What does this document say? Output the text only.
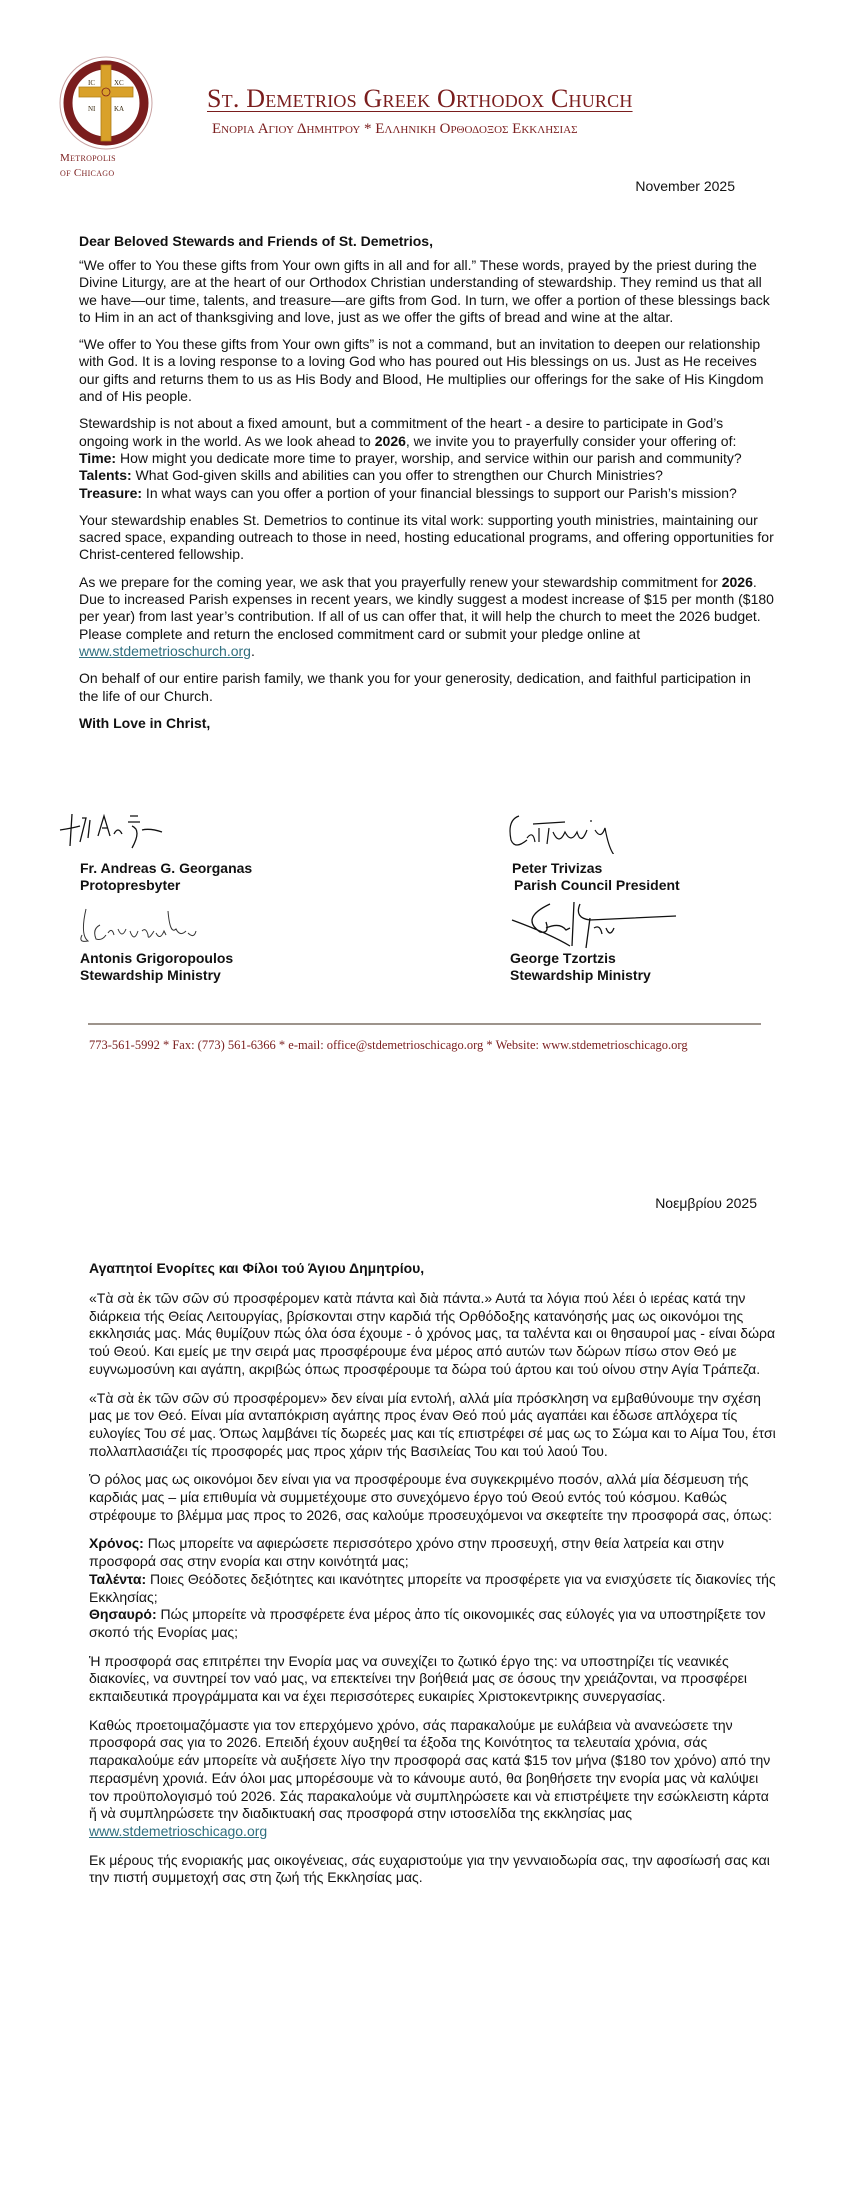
IC	XC
NI	KA
Metropolis
of Chicago
St. Demetrios Greek Orthodox Church
Ενορια Αγιου Δημητρου * Ελληνικη Ορθοδοξος Εκκλησιας
November 2025
Dear Beloved Stewards and Friends of St. Demetrios,

“We offer to You these gifts from Your own gifts in all and for all.” These words, prayed by the priest during the Divine Liturgy, are at the heart of our Orthodox Christian understanding of stewardship. They remind us that all we have—our time, talents, and treasure—are gifts from God. In turn, we offer a portion of these blessings back to Him in an act of thanksgiving and love, just as we offer the gifts of bread and wine at the altar.

“We offer to You these gifts from Your own gifts” is not a command, but an invitation to deepen our relationship with God. It is a loving response to a loving God who has poured out His blessings on us. Just as He receives our gifts and returns them to us as His Body and Blood, He multiplies our offerings for the sake of His Kingdom and of His people.

Stewardship is not about a fixed amount, but a commitment of the heart - a desire to participate in God’s ongoing work in the world. As we look ahead to 2026, we invite you to prayerfully consider your offering of:
Time: How might you dedicate more time to prayer, worship, and service within our parish and community?
Talents: What God-given skills and abilities can you offer to strengthen our Church Ministries?
Treasure: In what ways can you offer a portion of your financial blessings to support our Parish’s mission?

Your stewardship enables St. Demetrios to continue its vital work: supporting youth ministries, maintaining our sacred space, expanding outreach to those in need, hosting educational programs, and offering opportunities for Christ-centered fellowship.

As we prepare for the coming year, we ask that you prayerfully renew your stewardship commitment for 2026. Due to increased Parish expenses in recent years, we kindly suggest a modest increase of $15 per month ($180 per year) from last year’s contribution. If all of us can offer that, it will help the church to meet the 2026 budget. Please complete and return the enclosed commitment card or submit your pledge online at www.stdemetrioschurch.org.

On behalf of our entire parish family, we thank you for your generosity, dedication, and faithful participation in the life of our Church.

With Love in Christ,

Fr. Andreas G. Georganas
Protopresbyter
Peter Trivizas
Parish Council President
Antonis Grigoropoulos
Stewardship Ministry
George Tzortzis
Stewardship Ministry
773-561-5992 * Fax: (773) 561-6366 * e-mail: office@stdemetrioschicago.org * Website: www.stdemetrioschicago.org
Νοεμβρίου 2025
Αγαπητοί Ενορίτες και Φίλοι τού Άγιου Δημητρίου,

«Τὰ σὰ ἐκ τῶν σῶν σύ προσφέρομεν κατὰ πάντα καὶ διὰ πάντα.» Αυτά τα λόγια πού λέει ὁ ιερέας κατά την διάρκεια τής Θείας Λειτουργίας, βρίσκονται στην καρδιά τής Ορθόδοξης κατανόησής μας ως οικονόμοι της εκκλησιάς μας. Μάς θυμίζουν πώς όλα όσα έχουμε - ὁ χρόνος μας, τα ταλέντα και οι θησαυροί μας - είναι δώρα τού Θεού. Και εμείς με την σειρά μας προσφέρουμε ένα μέρος από αυτών των δώρων πίσω στον Θεό με ευγνωμοσύνη και αγάπη, ακριβώς όπως προσφέρουμε τα δώρα τού άρτου και τού οίνου στην Αγία Τράπεζα.

«Τὰ σὰ ἐκ τῶν σῶν σύ προσφέρομεν» δεν είναι μία εντολή, αλλά μία πρόσκληση να εμβαθύνουμε την σχέση μας με τον Θεό. Είναι μία ανταπόκριση αγάπης προς έναν Θεό πού μάς αγαπάει και έδωσε απλόχερα τίς ευλογίες Του σέ μας. Όπως λαμβάνει τίς δωρεές μας και τίς επιστρέφει σέ μας ως το Σώμα και το Αίμα Του, έτσι πολλαπλασιάζει τίς προσφορές μας προς χάριν τής Βασιλείας Του και τού λαού Του.

Ὁ ρόλος μας ως οικονόμοι δεν είναι για να προσφέρουμε ένα συγκεκριμένο ποσόν, αλλά μία δέσμευση τής καρδιάς μας – μία επιθυμία νὰ συμμετέχουμε στο συνεχόμενο έργο τού Θεού εντός τού κόσμου. Καθώς στρέφουμε το βλέμμα μας προς το 2026, σας καλούμε προσευχόμενοι να σκεφτείτε την προσφορά σας, όπως:

Χρόνος: Πως μπορείτε να αφιερώσετε περισσότερο χρόνο στην προσευχή, στην θεία λατρεία και στην προσφορά σας στην ενορία και στην κοινότητά μας;
Ταλέντα: Ποιες Θεόδοτες δεξιότητες και ικανότητες μπορείτε να προσφέρετε για να ενισχύσετε τίς διακονίες τής Εκκλησίας;
Θησαυρό: Πώς μπορείτε νὰ προσφέρετε ένα μέρος ἀπο τίς οικονομικές σας εύλογές για να υποστηρίξετε τον σκοπό τής Ενορίας μας;

Ἡ προσφορά σας επιτρέπει την Ενορία μας να συνεχίζει το ζωτικό έργο της: να υποστηρίζει τίς νεανικές διακονίες, να συντηρεί τον ναό μας, να επεκτείνει την βοήθειά μας σε όσους την χρειάζονται, να προσφέρει εκπαιδευτικά προγράμματα και να έχει περισσότερες ευκαιρίες Χριστοκεντρικης συνεργασίας.

Καθώς προετοιμαζόμαστε για τον επερχόμενο χρόνο, σάς παρακαλούμε με ευλάβεια νὰ ανανεώσετε την προσφορά σας για το 2026. Επειδή έχουν αυξηθεί τα έξοδα της Κοινότητος τα τελευταία χρόνια, σάς παρακαλούμε εάν μπορείτε νὰ αυξήσετε λίγο την προσφορά σας κατά $15 τον μήνα ($180 τον χρόνο) από την περασμένη χρονιά. Εάν όλοι μας μπορέσουμε νὰ το κάνουμε αυτό, θα βοηθήσετε την ενορία μας νὰ καλύψει τον προϋπολογισμό τού 2026. Σάς παρακαλούμε νὰ συμπληρώσετε και νὰ επιστρέψετε την εσώκλειστη κάρτα ἤ νὰ συμπληρώσετε την διαδικτυακή σας προσφορά στην ιστοσελίδα της εκκλησίας μας www.stdemetrioschicago.org

Εκ μέρους τής ενοριακής μας οικογένειας, σάς ευχαριστούμε για την γενναιοδωρία σας, την αφοσίωσή σας και την πιστή συμμετοχή σας στη ζωή τής Εκκλησίας μας.
